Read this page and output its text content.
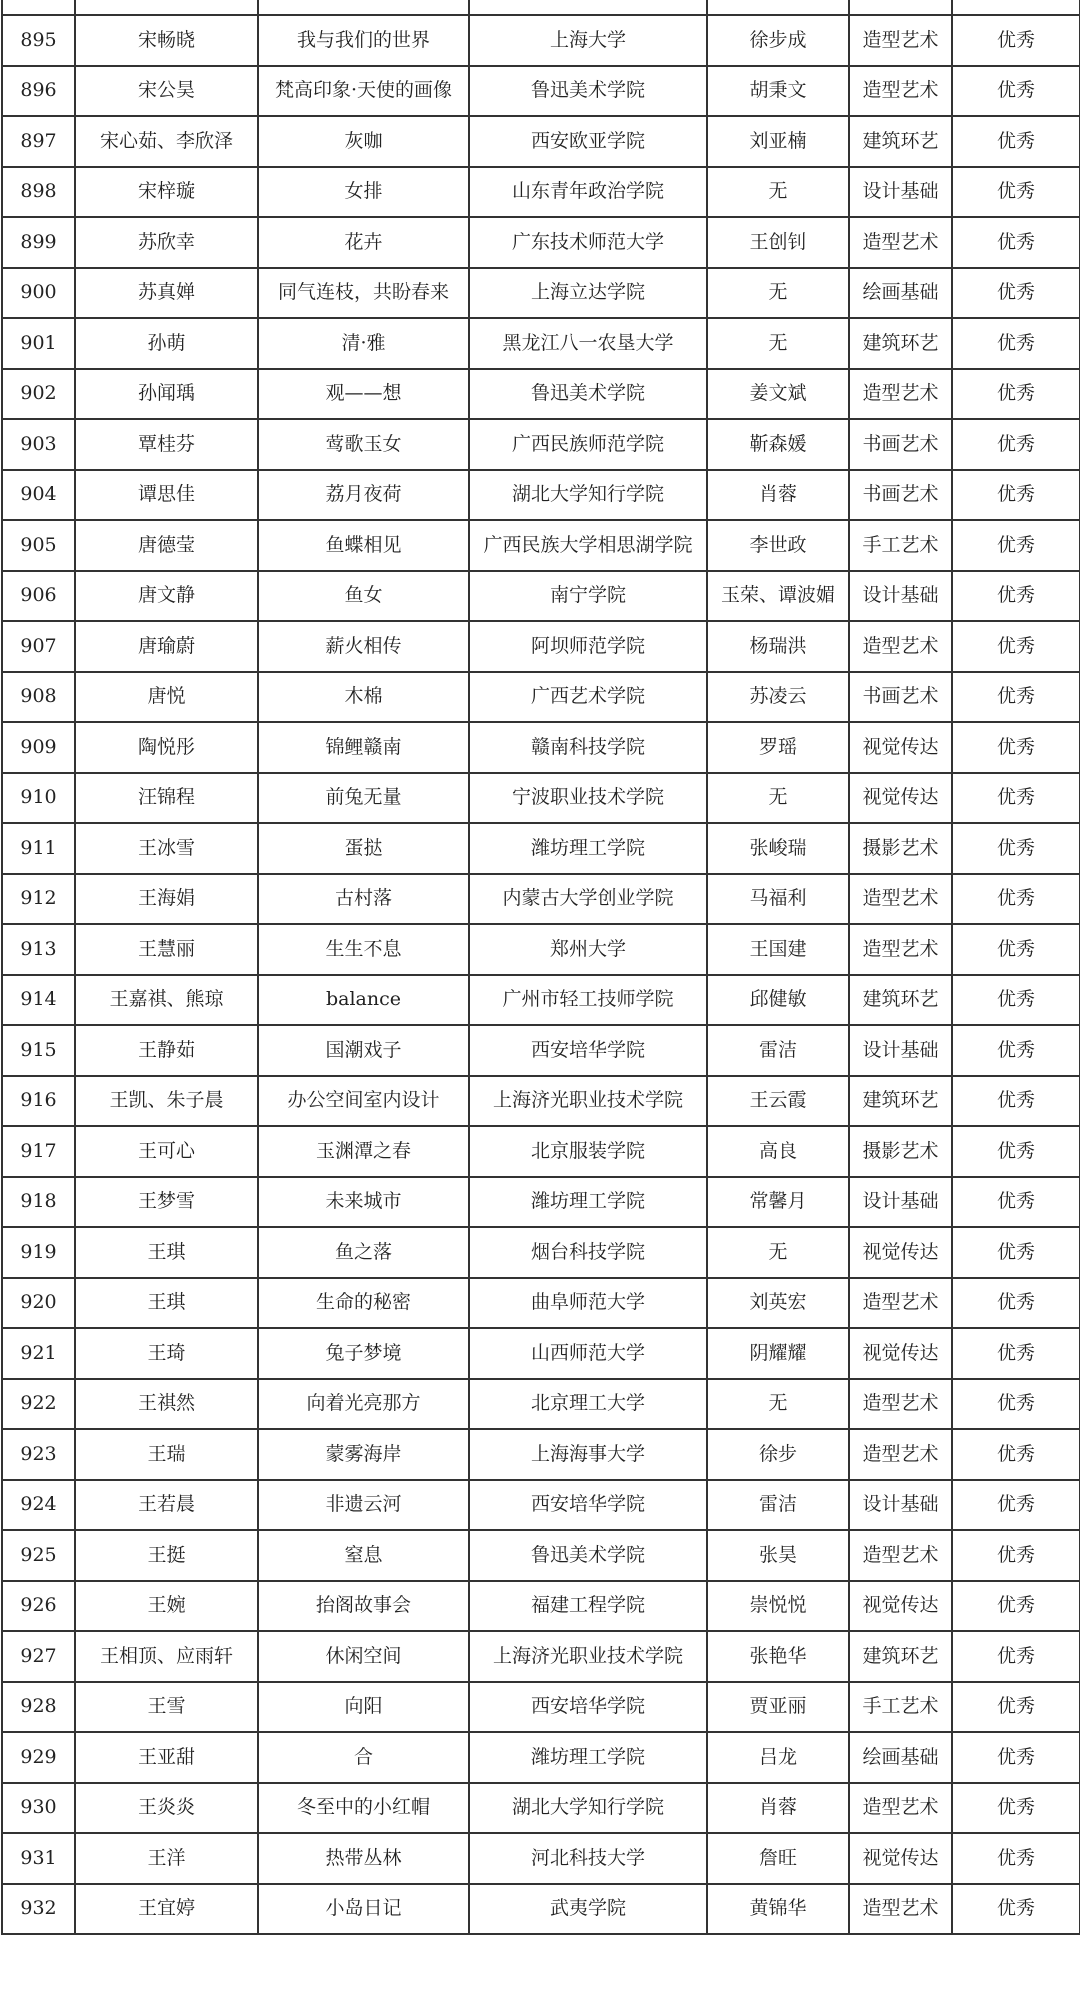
895	宋畅晓	我与我们的世界	上海大学	徐步成	造型艺术	优秀
896	宋公昊	梵高印象·天使的画像	鲁迅美术学院	胡秉文	造型艺术	优秀
897	宋心茹、李欣泽	灰咖	西安欧亚学院	刘亚楠	建筑环艺	优秀
898	宋梓璇	女排	山东青年政治学院	无	设计基础	优秀
899	苏欣幸	花卉	广东技术师范大学	王创钊	造型艺术	优秀
900	苏真婵	同气连枝，共盼春来	上海立达学院	无	绘画基础	优秀
901	孙萌	清·雅	黑龙江八一农垦大学	无	建筑环艺	优秀
902	孙闻瑀	观——想	鲁迅美术学院	姜文斌	造型艺术	优秀
903	覃桂芬	莺歌玉女	广西民族师范学院	靳森媛	书画艺术	优秀
904	谭思佳	荔月夜荷	湖北大学知行学院	肖蓉	书画艺术	优秀
905	唐德莹	鱼蝶相见	广西民族大学相思湖学院	李世政	手工艺术	优秀
906	唐文静	鱼女	南宁学院	玉荣、谭波媚	设计基础	优秀
907	唐瑜蔚	薪火相传	阿坝师范学院	杨瑞洪	造型艺术	优秀
908	唐悦	木棉	广西艺术学院	苏凌云	书画艺术	优秀
909	陶悦彤	锦鲤赣南	赣南科技学院	罗瑶	视觉传达	优秀
910	汪锦程	前兔无量	宁波职业技术学院	无	视觉传达	优秀
911	王冰雪	蛋挞	潍坊理工学院	张峻瑞	摄影艺术	优秀
912	王海娟	古村落	内蒙古大学创业学院	马福利	造型艺术	优秀
913	王慧丽	生生不息	郑州大学	王国建	造型艺术	优秀
914	王嘉祺、熊琼	balance	广州市轻工技师学院	邱健敏	建筑环艺	优秀
915	王静茹	国潮戏子	西安培华学院	雷洁	设计基础	优秀
916	王凯、朱子晨	办公空间室内设计	上海济光职业技术学院	王云霞	建筑环艺	优秀
917	王可心	玉渊潭之春	北京服装学院	高良	摄影艺术	优秀
918	王梦雪	未来城市	潍坊理工学院	常馨月	设计基础	优秀
919	王琪	鱼之落	烟台科技学院	无	视觉传达	优秀
920	王琪	生命的秘密	曲阜师范大学	刘英宏	造型艺术	优秀
921	王琦	兔子梦境	山西师范大学	阴耀耀	视觉传达	优秀
922	王祺然	向着光亮那方	北京理工大学	无	造型艺术	优秀
923	王瑞	蒙雾海岸	上海海事大学	徐步	造型艺术	优秀
924	王若晨	非遗云河	西安培华学院	雷洁	设计基础	优秀
925	王挺	窒息	鲁迅美术学院	张昊	造型艺术	优秀
926	王婉	抬阁故事会	福建工程学院	崇悦悦	视觉传达	优秀
927	王相顶、应雨轩	休闲空间	上海济光职业技术学院	张艳华	建筑环艺	优秀
928	王雪	向阳	西安培华学院	贾亚丽	手工艺术	优秀
929	王亚甜	合	潍坊理工学院	吕龙	绘画基础	优秀
930	王炎炎	冬至中的小红帽	湖北大学知行学院	肖蓉	造型艺术	优秀
931	王洋	热带丛林	河北科技大学	詹旺	视觉传达	优秀
932	王宜婷	小岛日记	武夷学院	黄锦华	造型艺术	优秀
